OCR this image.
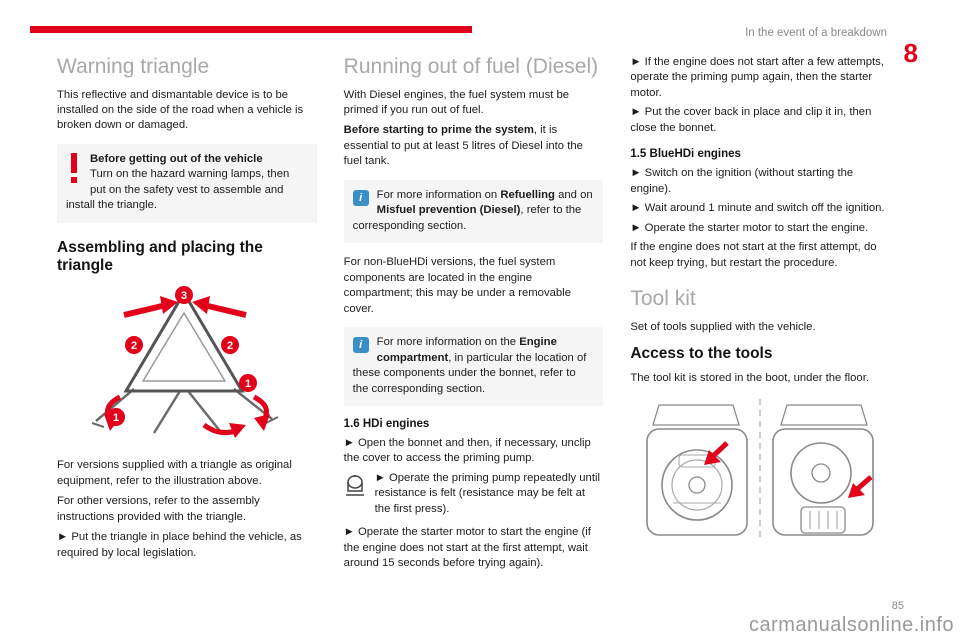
In the event of a breakdown
8
Warning triangle

This reflective and dismantable device is to be installed on the side of the road when a vehicle is broken down or damaged.

Before getting out of the vehicle
Turn on the hazard warning lamps, then put on the safety vest to assemble and install the triangle.
Assembling and placing the triangle
3
2	2
1
1

For versions supplied with a triangle as original equipment, refer to the illustration above.

For other versions, refer to the assembly instructions provided with the triangle.

► Put the triangle in place behind the vehicle, as required by local legislation.

Running out of fuel (Diesel)

With Diesel engines, the fuel system must be primed if you run out of fuel.

Before starting to prime the system, it is essential to put at least 5 litres of Diesel into the fuel tank.

i	For more information on Refuelling and on Misfuel prevention (Diesel), refer to the corresponding section.

For non-BlueHDi versions, the fuel system components are located in the engine compartment; this may be under a removable cover.

i	For more information on the Engine compartment, in particular the location of these components under the bonnet, refer to the corresponding section.
1.6 HDi engines

► Open the bonnet and then, if necessary, unclip the cover to access the priming pump.

► Operate the priming pump repeatedly until resistance is felt (resistance may be felt at the first press).

► Operate the starter motor to start the engine (if the engine does not start at the first attempt, wait around 15 seconds before trying again).

► If the engine does not start after a few attempts, operate the priming pump again, then the starter motor.

► Put the cover back in place and clip it in, then close the bonnet.

1.5 BlueHDi engines

► Switch on the ignition (without starting the engine).

► Wait around 1 minute and switch off the ignition.

► Operate the starter motor to start the engine.

If the engine does not start at the first attempt, do not keep trying, but restart the procedure.

Tool kit

Set of tools supplied with the vehicle.

Access to the tools

The tool kit is stored in the boot, under the floor.

85
carmanualsonline.info
